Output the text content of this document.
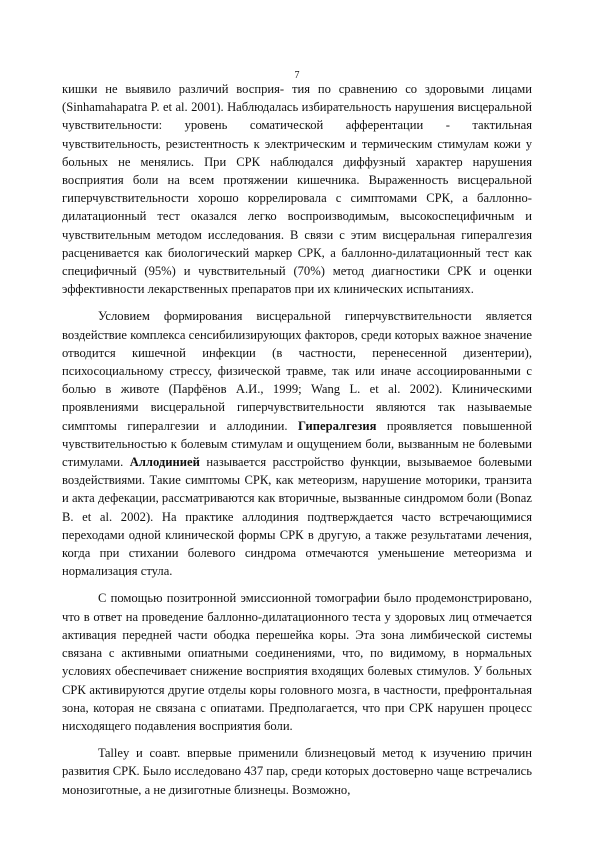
7

кишки не выявило различий восприя- тия по сравнению со здоровыми лицами (Sinhamahapatra P. et al. 2001). Наблюдалась избирательность нарушения висцеральной чувствительности: уровень соматической афферентации - тактильная чувствительность, резистентность к электрическим и термическим стимулам кожи у больных не менялись. При СРК наблюдался диффузный характер нарушения восприятия боли на всем протяжении кишечника. Выраженность висцеральной гиперчувствительности хорошо коррелировала с симптомами СРК, а баллонно-дилатационный тест оказался легко воспроизводимым, высокоспецифичным и чувствительным методом исследования. В связи с этим висцеральная гипералгезия расценивается как биологический маркер СРК, а баллонно-дилатационный тест как специфичный (95%) и чувствительный (70%) метод диагностики СРК и оценки эффективности лекарственных препаратов при их клинических испытаниях.

Условием формирования висцеральной гиперчувствительности является воздействие комплекса сенсибилизирующих факторов, среди которых важное значение отводится кишечной инфекции (в частности, перенесенной дизентерии), психосоциальному стрессу, физической травме, так или иначе ассоциированными с болью в животе (Парфёнов А.И., 1999; Wang L. et al. 2002). Клиническими проявлениями висцеральной гиперчувствительности являются так называемые симптомы гипералгезии и аллодинии. Гипералгезия проявляется повышенной чувствительностью к болевым стимулам и ощущением боли, вызванным не болевыми стимулами. Аллодинией называется расстройство функции, вызываемое болевыми воздействиями. Такие симптомы СРК, как метеоризм, нарушение моторики, транзита и акта дефекации, рассматриваются как вторичные, вызванные синдромом боли (Bonaz B. et al. 2002). На практике аллодиния подтверждается часто встречающимися переходами одной клинической формы СРК в другую, а также результатами лечения, когда при стихании болевого синдрома отмечаются уменьшение метеоризма и нормализация стула.

С помощью позитронной эмиссионной томографии было продемонстрировано, что в ответ на проведение баллонно-дилатационного теста у здоровых лиц отмечается активация передней части ободка перешейка коры. Эта зона лимбической системы связана с активными опиатными соединениями, что, по видимому, в нормальных условиях обеспечивает снижение восприятия входящих болевых стимулов. У больных СРК активируются другие отделы коры головного мозга, в частности, префронтальная зона, которая не связана с опиатами. Предполагается, что при СРК нарушен процесс нисходящего подавления восприятия боли.

Talley и соавт. впервые применили близнецовый метод к изучению причин развития СРК. Было исследовано 437 пар, среди которых достоверно чаще встречались монозиготные, а не дизиготные близнецы. Возможно,
